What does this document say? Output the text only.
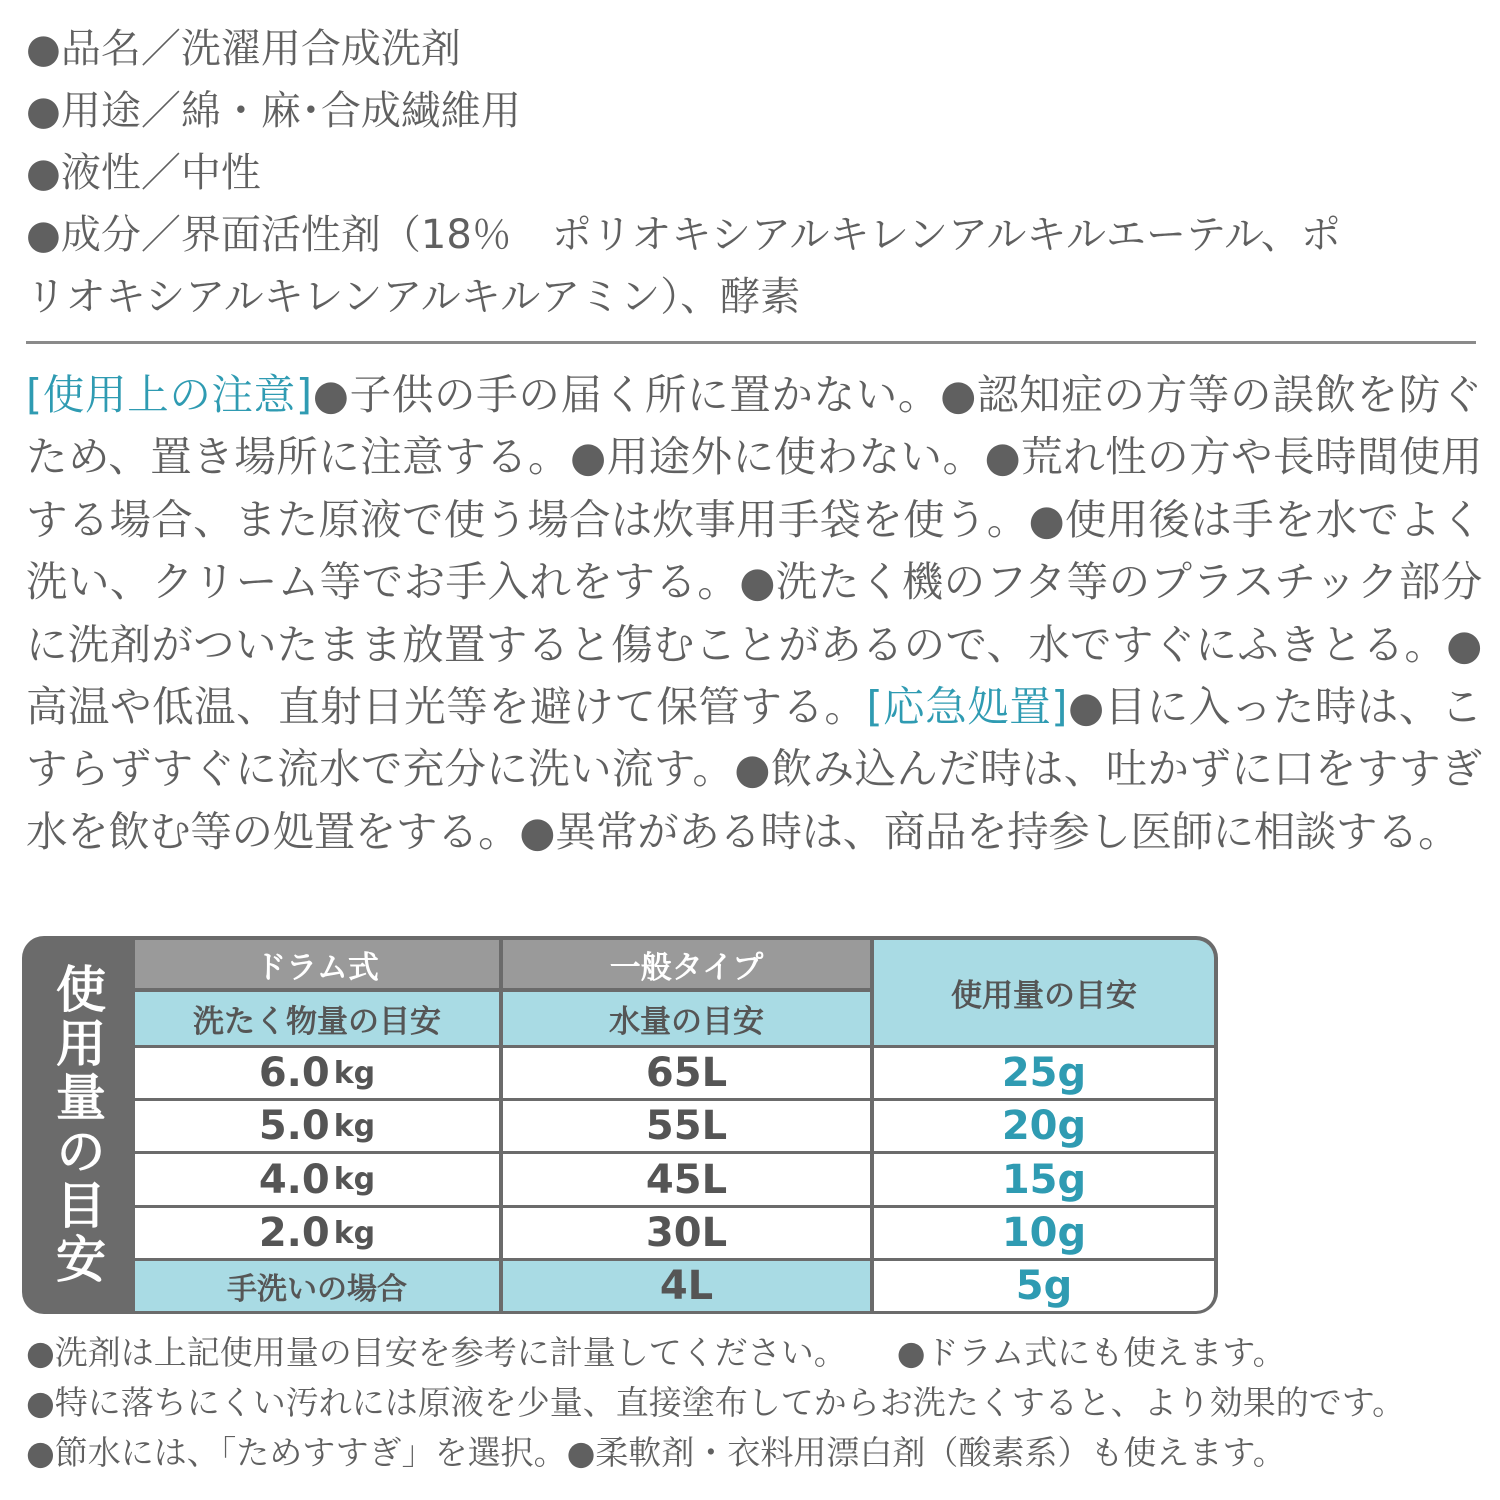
●品名／洗濯用合成洗剤
●用途／綿・麻･合成繊維用
●液性／中性
●成分／界面活性剤（18％　ポリオキシアルキレンアルキルエーテル、ポ
リオキシアルキレンアルキルアミン）、酵素
[使用上の注意]●子供の手の届く所に置かない。●認知症の方等の誤飲を防ぐため、置き場所に注意する。●用途外に使わない。●荒れ性の方や長時間使用する場合、また原液で使う場合は炊事用手袋を使う。●使用後は手を水でよく洗い、クリーム等でお手入れをする。●洗たく機のフタ等のプラスチック部分に洗剤がついたまま放置すると傷むことがあるので、水ですぐにふきとる。●高温や低温、直射日光等を避けて保管する。[応急処置]●目に入った時は、こすらずすぐに流水で充分に洗い流す。●飲み込んだ時は、吐かずに口をすすぎ水を飲む等の処置をする。●異常がある時は、商品を持参し医師に相談する。
使用量の目安	ドラム式	一般タイプ
洗たく物量の目安	水量の目安
使用量の目安
6.0 kg	65L	25 g
5.0 kg	55L	20 g
4.0 kg	45L	15 g
2.0 kg	30L	10 g
手洗いの場合	4L	5 g
●洗剤は上記使用量の目安を参考に計量してください。 ●ドラム式にも使えます。
●特に落ちにくい汚れには原液を少量、直接塗布してからお洗たくすると、より効果的です。
●節水には、「ためすすぎ」を選択。●柔軟剤・衣料用漂白剤（酸素系）も使えます。
